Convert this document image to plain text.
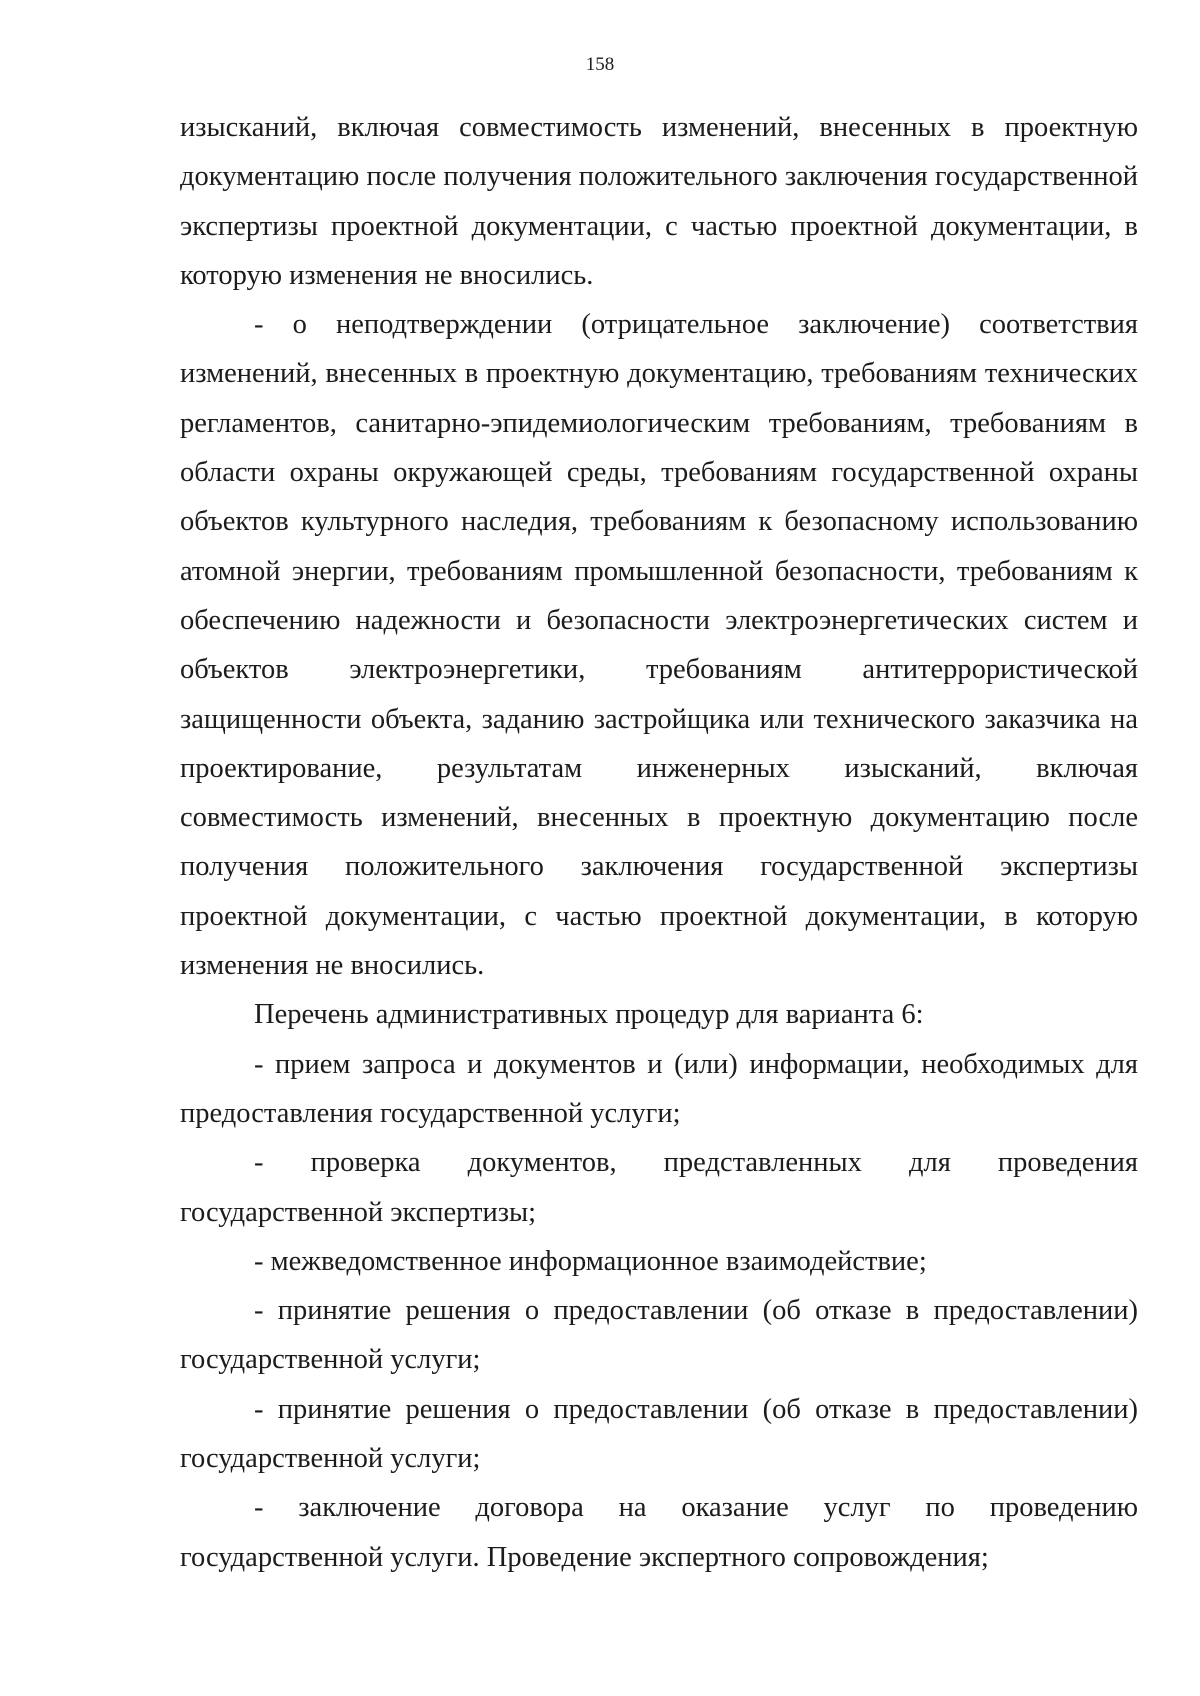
158

изысканий, включая совместимость изменений, внесенных в проектную документацию после получения положительного заключения государственной экспертизы проектной документации, с частью проектной документации, в которую изменения не вносились.

- о неподтверждении (отрицательное заключение) соответствия изменений, внесенных в проектную документацию, требованиям технических регламентов, санитарно-эпидемиологическим требованиям, требованиям в области охраны окружающей среды, требованиям государственной охраны объектов культурного наследия, требованиям к безопасному использованию атомной энергии, требованиям промышленной безопасности, требованиям к обеспечению надежности и безопасности электроэнергетических систем и объектов электроэнергетики, требованиям антитеррористической защищенности объекта, заданию застройщика или технического заказчика на проектирование, результатам инженерных изысканий, включая совместимость изменений, внесенных в проектную документацию после получения положительного заключения государственной экспертизы проектной документации, с частью проектной документации, в которую изменения не вносились.

Перечень административных процедур для варианта 6:

- прием запроса и документов и (или) информации, необходимых для предоставления государственной услуги;

- проверка документов, представленных для проведения государственной экспертизы;

- межведомственное информационное взаимодействие;

- принятие решения о предоставлении (об отказе в предоставлении) государственной услуги;

- принятие решения о предоставлении (об отказе в предоставлении) государственной услуги;

- заключение договора на оказание услуг по проведению государственной услуги. Проведение экспертного сопровождения;
